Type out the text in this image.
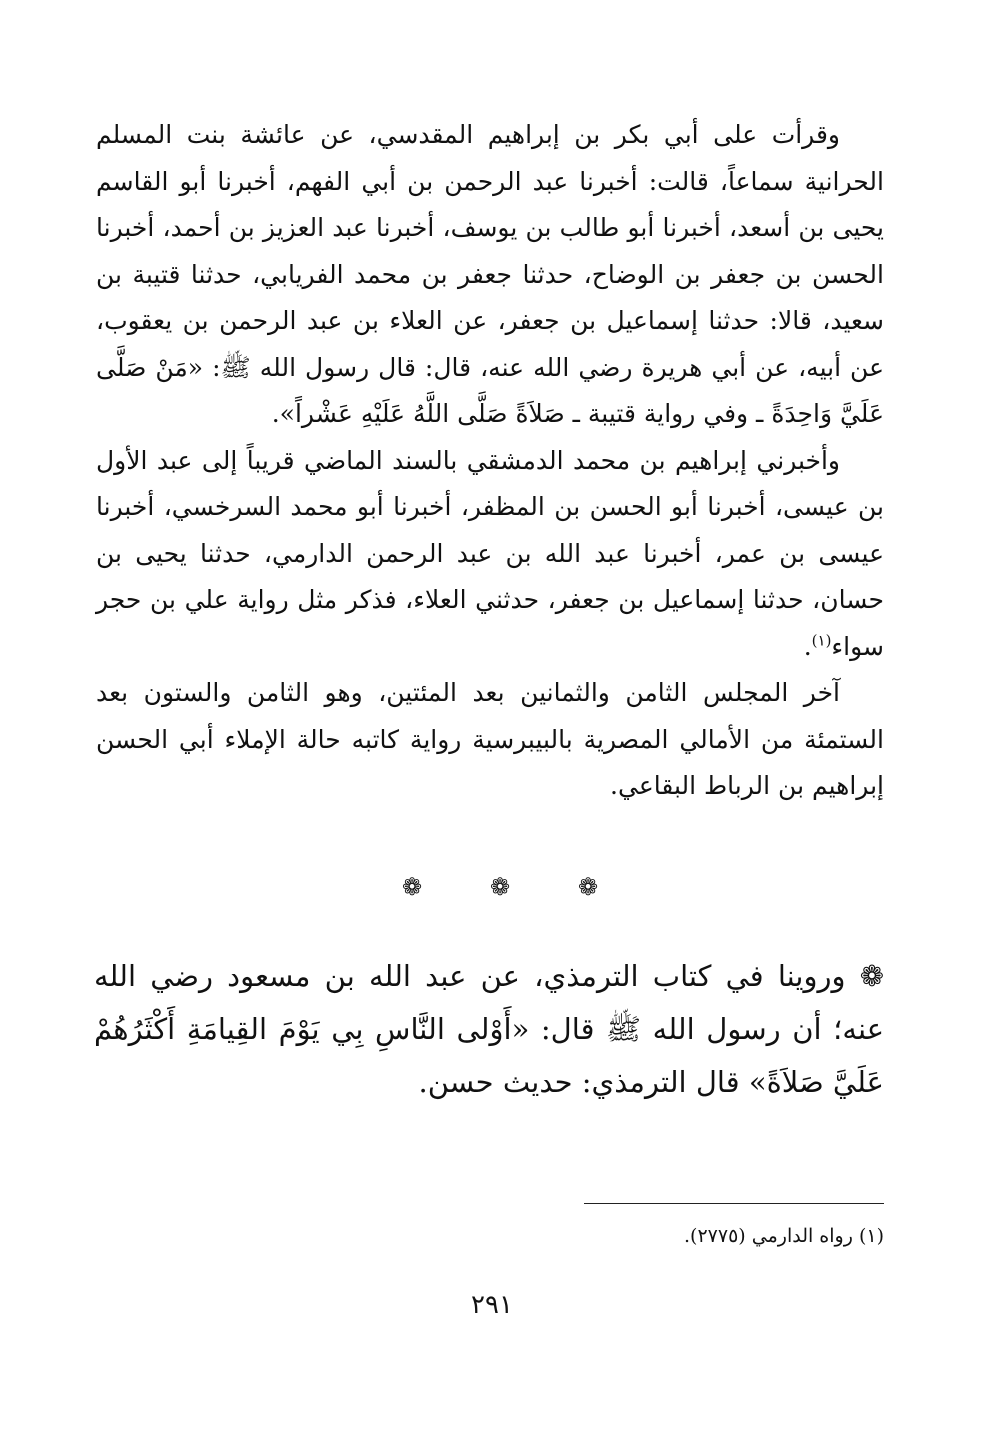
وقرأت على أبي بكر بن إبراهيم المقدسي، عن عائشة بنت المسلم الحرانية سماعاً، قالت: أخبرنا عبد الرحمن بن أبي الفهم، أخبرنا أبو القاسم يحيى بن أسعد، أخبرنا أبو طالب بن يوسف، أخبرنا عبد العزيز بن أحمد، أخبرنا الحسن بن جعفر بن الوضاح، حدثنا جعفر بن محمد الفريابي، حدثنا قتيبة بن سعيد، قالا: حدثنا إسماعيل بن جعفر، عن العلاء بن عبد الرحمن بن يعقوب، عن أبيه، عن أبي هريرة رضي الله عنه، قال: قال رسول الله ﷺ: «مَنْ صَلَّى عَلَيَّ وَاحِدَةً ـ وفي رواية قتيبة ـ صَلاَةً صَلَّى اللَّهُ عَلَيْهِ عَشْراً».

وأخبرني إبراهيم بن محمد الدمشقي بالسند الماضي قريباً إلى عبد الأول بن عيسى، أخبرنا أبو الحسن بن المظفر، أخبرنا أبو محمد السرخسي، أخبرنا عيسى بن عمر، أخبرنا عبد الله بن عبد الرحمن الدارمي، حدثنا يحيى بن حسان، حدثنا إسماعيل بن جعفر، حدثني العلاء، فذكر مثل رواية علي بن حجر سواء$^{(١)}$.

آخر المجلس الثامن والثمانين بعد المئتين، وهو الثامن والستون بعد الستمئة من الأمالي المصرية بالبيبرسية رواية كاتبه حالة الإملاء أبي الحسن إبراهيم بن الرباط البقاعي.

❁
❁
❁

❁ وروينا في كتاب الترمذي، عن عبد الله بن مسعود رضي الله عنه؛ أن رسول الله ﷺ قال: «أَوْلى النَّاسِ بِي يَوْمَ القِيامَةِ أَكْثَرُهُمْ عَلَيَّ صَلاَةً» قال الترمذي: حديث حسن.

(١) رواه الدارمي (٢٧٧٥).
٢٩١
